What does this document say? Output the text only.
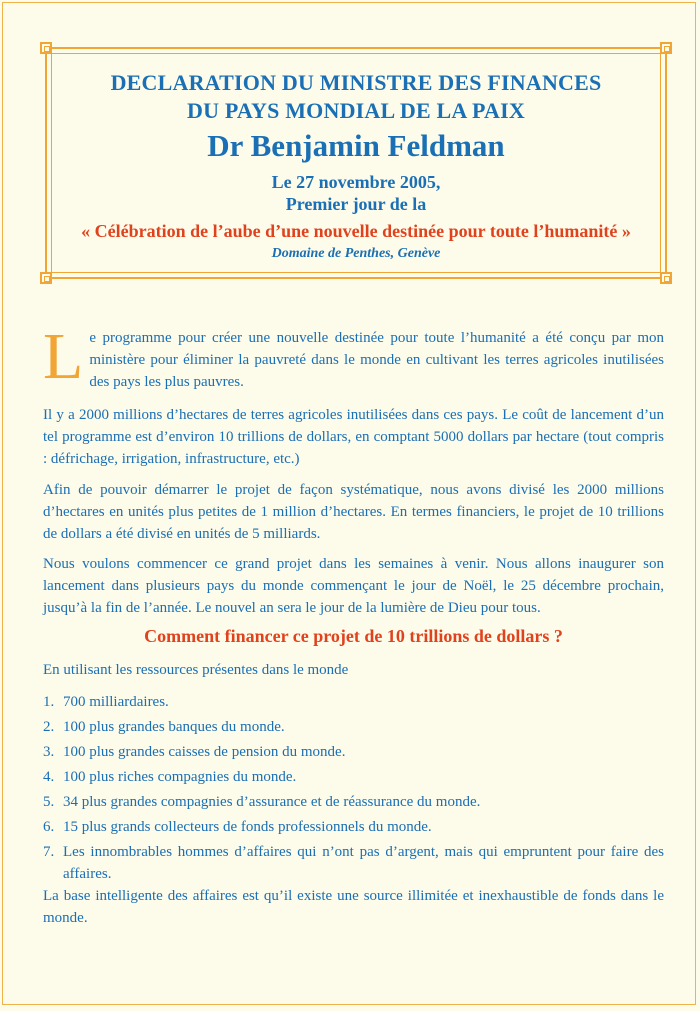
DECLARATION DU MINISTRE DES FINANCES
DU PAYS MONDIAL DE LA PAIX
Dr Benjamin Feldman
Le 27 novembre 2005,
Premier jour de la
« Célébration de l’aube d’une nouvelle destinée pour toute l’humanité »
Domaine de Penthes, Genève

L e programme pour créer une nouvelle destinée pour toute l’humanité a été conçu par mon ministère pour éliminer la pauvreté dans le monde en cultivant les terres agricoles inutilisées des pays les plus pauvres.

Il y a 2000 millions d’hectares de terres agricoles inutilisées dans ces pays. Le coût de lancement d’un tel programme est d’environ 10 trillions de dollars, en comptant 5000 dollars par hectare (tout compris : défrichage, irrigation, infrastructure, etc.)

Afin de pouvoir démarrer le projet de façon systématique, nous avons divisé les 2000 millions d’hectares en unités plus petites de 1 million d’hectares. En termes financiers, le projet de 10 trillions de dollars a été divisé en unités de 5 milliards.

Nous voulons commencer ce grand projet dans les semaines à venir. Nous allons inaugurer son lancement dans plusieurs pays du monde commençant le jour de Noël, le 25 décembre prochain, jusqu’à la fin de l’année. Le nouvel an sera le jour de la lumière de Dieu pour tous.

Comment financer ce projet de 10 trillions de dollars ?

En utilisant les ressources présentes dans le monde

1. 700 milliardaires.
2. 100 plus grandes banques du monde.
3. 100 plus grandes caisses de pension du monde.
4. 100 plus riches compagnies du monde.
5. 34 plus grandes compagnies d’assurance et de réassurance du monde.
6. 15 plus grands collecteurs de fonds professionnels du monde.
7. Les innombrables hommes d’affaires qui n’ont pas d’argent, mais qui empruntent pour faire des affaires.

La base intelligente des affaires est qu’il existe une source illimitée et inexhaustible de fonds dans le monde.
